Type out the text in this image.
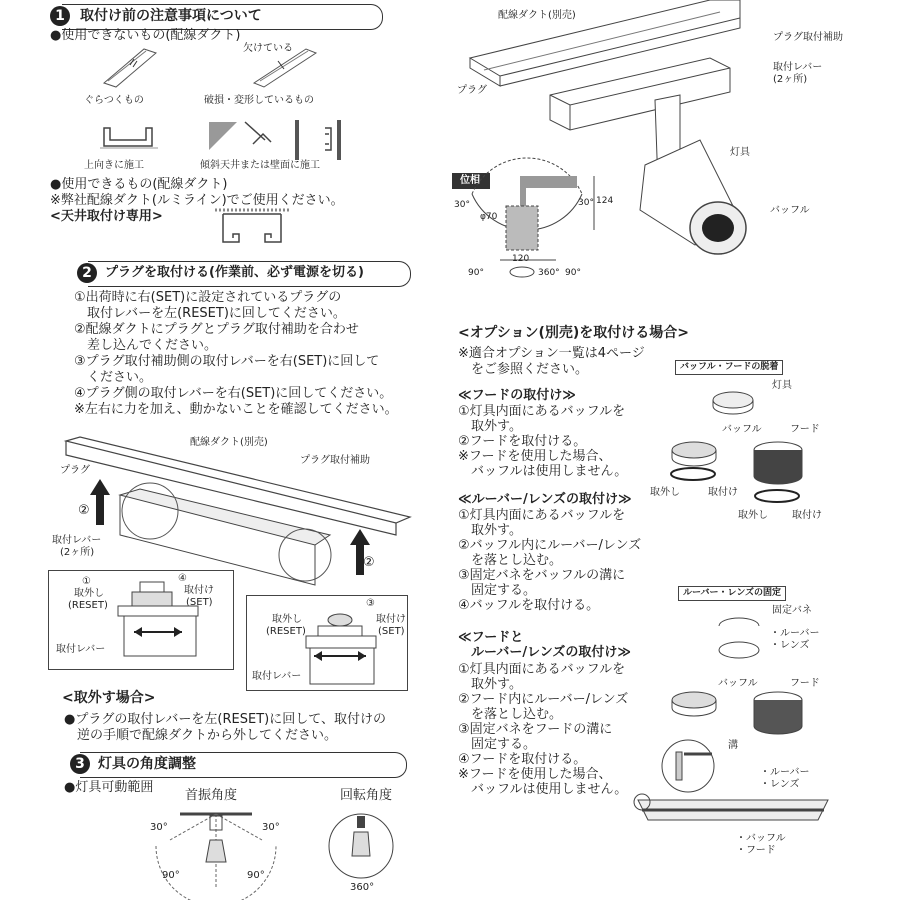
1	取付け前の注意事項について
●使用できないもの(配線ダクト)
欠けている
ぐらつくもの	破損・変形しているもの
上向きに施工	傾斜天井または壁面に施工
●使用できるもの(配線ダクト)
※弊社配線ダクト(ルミライン)でご使用ください。
<天井取付け専用>
2	プラグを取付ける(作業前、必ず電源を切る)
①出荷時に右(SET)に設定されているプラグの
　取付レバーを左(RESET)に回してください。
②配線ダクトにプラグとプラグ取付補助を合わせ
　差し込んでください。
③プラグ取付補助側の取付レバーを右(SET)に回して
　ください。
④プラグ側の取付レバーを右(SET)に回してください。
※左右に力を加え、動かないことを確認してください。
配線ダクト(別売)
プラグ取付補助
プラグ
②
②
取付レバー
(2ヶ所)
①
取外し
(RESET)
④
取付け
(SET)
取付レバー
取外し
(RESET)
③
取付け
(SET)
取付レバー
<取外す場合>
●プラグの取付レバーを左(RESET)に回して、取付けの
　逆の手順で配線ダクトから外してください。
3 灯具の角度調整
●灯具可動範囲
首振角度	回転角度
30°	30°
90°	90°
360°
配線ダクト(別売)
プラグ取付補助
取付レバー
(2ヶ所)
プラグ
灯具
バッフル
位相
30°	30°
φ70
124
120
90°	90°
360°
<オプション(別売)を取付ける場合>
※適合オプション一覧は4ページ
　をご参照ください。
≪フードの取付け≫
①灯具内面にあるバッフルを
　取外す。
②フードを取付ける。
※フードを使用した場合、
　バッフルは使用しません。
≪ルーバー/レンズの取付け≫
①灯具内面にあるバッフルを
　取外す。
②バッフル内にルーバー/レンズ
　を落とし込む。
③固定バネをバッフルの溝に
　固定する。
④バッフルを取付ける。
≪フードと
　ルーバー/レンズの取付け≫
①灯具内面にあるバッフルを
　取外す。
②フード内にルーバー/レンズ
　を落とし込む。
③固定バネをフードの溝に
　固定する。
④フードを取付ける。
※フードを使用した場合、
　バッフルは使用しません。
バッフル・フードの脱着
灯具
バッフル	フード
取外し	取付け
取外し 取付け
ルーバー・レンズの固定
固定バネ
・ルーバー
・レンズ
バッフル	フード
溝
・ルーバー
・レンズ
・バッフル
・フード
